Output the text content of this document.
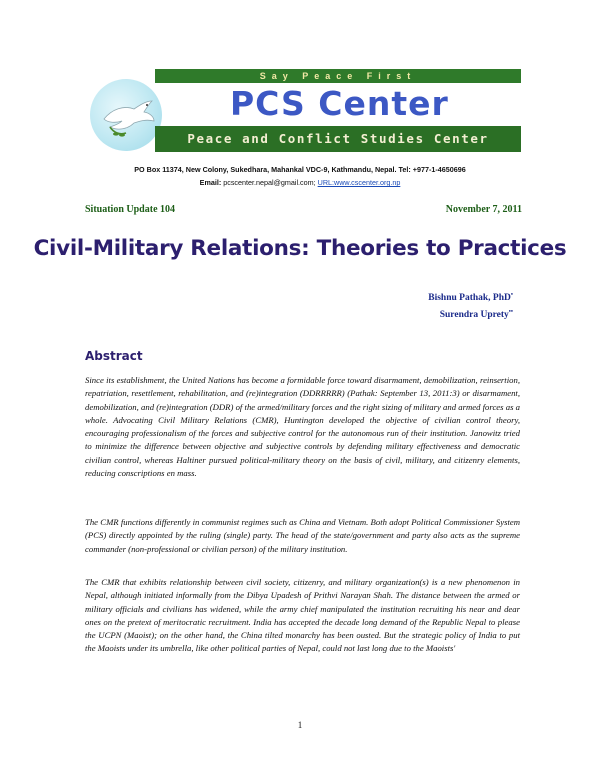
Say Peace First
PCS Center
Peace and Conflict Studies Center
PO Box 11374, New Colony, Sukedhara, Mahankal VDC-9, Kathmandu, Nepal. Tel: +977-1-4650696
Email: pcscenter.nepal@gmail.com; URL:www.cscenter.org.np
Situation Update 104	November 7, 2011
Civil-Military Relations: Theories to Practices
Bishnu Pathak, PhD•
Surendra Uprety••
Abstract

Since its establishment, the United Nations has become a formidable force toward disarmament, demobilization, reinsertion, repatriation, resettlement, rehabilitation, and (re)integration (DDRRRRR) (Pathak: September 13, 2011:3) or disarmament, demobilization, and (re)integration (DDR) of the armed/military forces and the right sizing of military and armed forces as a whole. Advocating Civil Military Relations (CMR), Huntington developed the objective of civilian control theory, encouraging professionalism of the forces and subjective control for the autonomous run of their institution. Janowitz tried to minimize the difference between objective and subjective controls by defending military effectiveness and democratic civilian control, whereas Haltiner pursued political-military theory on the basis of civil, military, and citizenry elements, reducing conscriptions en mass.

The CMR functions differently in communist regimes such as China and Vietnam. Both adopt Political Commissioner System (PCS) directly appointed by the ruling (single) party. The head of the state/government and party also acts as the supreme commander (non-professional or civilian person) of the military institution.

The CMR that exhibits relationship between civil society, citizenry, and military organization(s) is a new phenomenon in Nepal, although initiated informally from the Dibya Upadesh of Prithvi Narayan Shah. The distance between the armed or military officials and civilians has widened, while the army chief manipulated the institution recruiting his near and dear ones on the pretext of meritocratic recruitment. India has accepted the decade long demand of the Republic Nepal to please the UCPN (Maoist); on the other hand, the China tilted monarchy has been ousted. But the strategic policy of India to put the Maoists under its umbrella, like other political parties of Nepal, could not last long due to the Maoists'

1
